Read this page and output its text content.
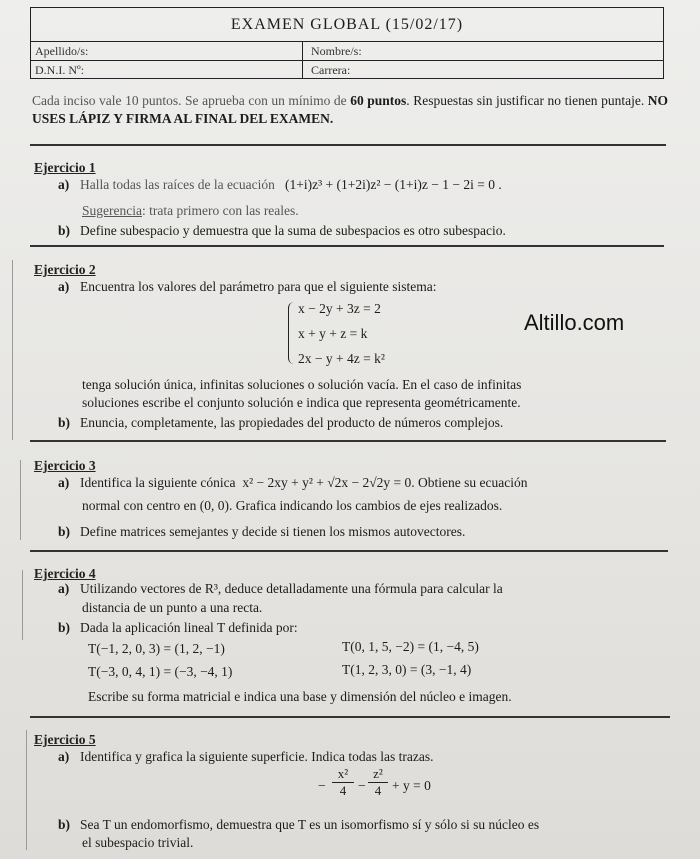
EXAMEN GLOBAL (15/02/17)
Apellido/s:	Nombre/s:
D.N.I. Nº:	Carrera:
Cada inciso vale 10 puntos. Se aprueba con un mínimo de 60 puntos. Respuestas sin justificar no tienen puntaje. NO USES LÁPIZ Y FIRMA AL FINAL DEL EXAMEN.
Ejercicio 1
a) Halla todas las raíces de la ecuación (1+i)z³ + (1+2i)z² − (1+i)z − 1 − 2i = 0 .
Sugerencia: trata primero con las reales.
b) Define subespacio y demuestra que la suma de subespacios es otro subespacio.
Ejercicio 2
a) Encuentra los valores del parámetro para que el siguiente sistema:
x − 2y + 3z = 2
x + y + z = k
2x − y + 4z = k²
Altillo.com
tenga solución única, infinitas soluciones o solución vacía. En el caso de infinitas
soluciones escribe el conjunto solución e indica que representa geométricamente.
b) Enuncia, completamente, las propiedades del producto de números complejos.
Ejercicio 3
a) Identifica la siguiente cónica x² − 2xy + y² + √2x − 2√2y = 0. Obtiene su ecuación
normal con centro en (0, 0). Grafica indicando los cambios de ejes realizados.
b) Define matrices semejantes y decide si tienen los mismos autovectores.
Ejercicio 4
a) Utilizando vectores de R³, deduce detalladamente una fórmula para calcular la
distancia de un punto a una recta.
b) Dada la aplicación lineal T definida por:
T(−1, 2, 0, 3) = (1, 2, −1)	T(0, 1, 5, −2) = (1, −4, 5)
T(−3, 0, 4, 1) = (−3, −4, 1)	T(1, 2, 3, 0) = (3, −1, 4)
Escribe su forma matricial e indica una base y dimensión del núcleo e imagen.
Ejercicio 5
a) Identifica y grafica la siguiente superficie. Indica todas las trazas.
− $\frac{\text{x²}}{4} - \frac{\text{z²}}{4} + y = 0$
b) Sea T un endomorfismo, demuestra que T es un isomorfismo sí y sólo si su núcleo es
el subespacio trivial.
